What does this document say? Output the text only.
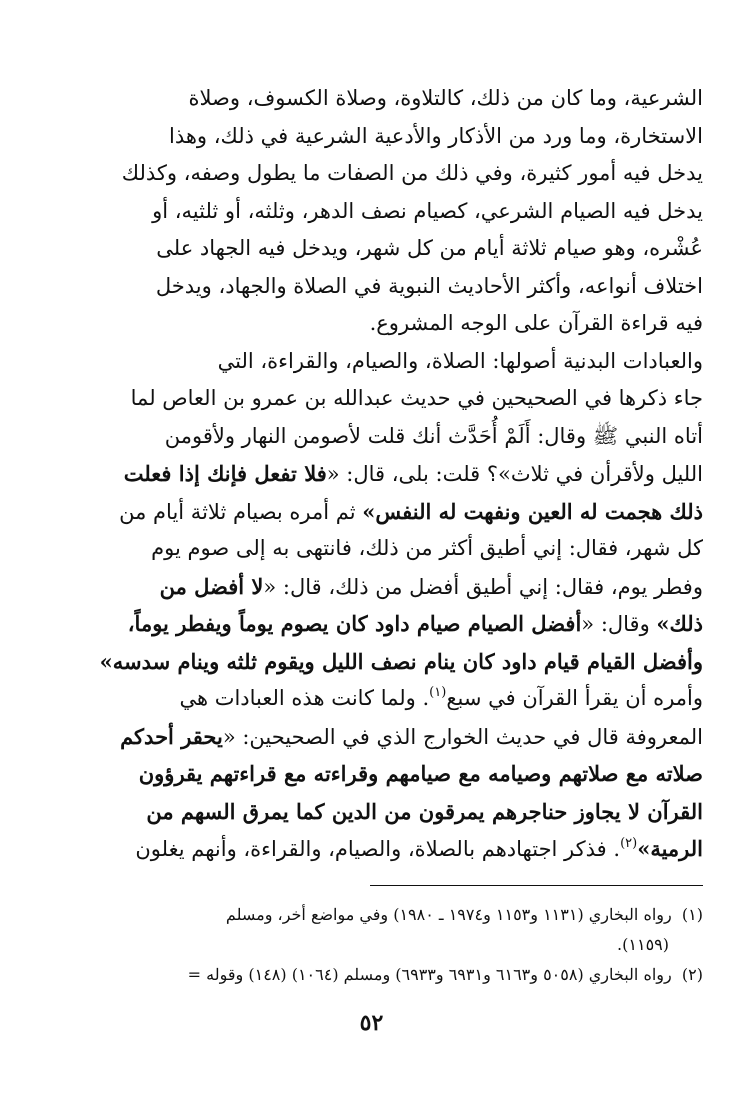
الشرعية، وما كان من ذلك، كالتلاوة، وصلاة الكسوف، وصلاة
الاستخارة، وما ورد من الأذكار والأدعية الشرعية في ذلك، وهذا
يدخل فيه أمور كثيرة، وفي ذلك من الصفات ما يطول وصفه، وكذلك
يدخل فيه الصيام الشرعي، كصيام نصف الدهر، وثلثه، أو ثلثيه، أو
عُشْره، وهو صيام ثلاثة أيام من كل شهر، ويدخل فيه الجهاد على
اختلاف أنواعه، وأكثر الأحاديث النبوية في الصلاة والجهاد، ويدخل
فيه قراءة القرآن على الوجه المشروع.
والعبادات البدنية أصولها: الصلاة، والصيام، والقراءة، التي
جاء ذكرها في الصحيحين في حديث عبدالله بن عمرو بن العاص لما
أتاه النبي ﷺ وقال: أَلَمْ أُحَدَّث أنك قلت لأصومن النهار ولأقومن
الليل ولأقرأن في ثلاث»؟ قلت: بلى، قال: «فلا تفعل فإنك إذا فعلت
ذلك هجمت له العين ونفهت له النفس» ثم أمره بصيام ثلاثة أيام من
كل شهر، فقال: إني أطيق أكثر من ذلك، فانتهى به إلى صوم يوم
وفطر يوم، فقال: إني أطيق أفضل من ذلك، قال: «لا أفضل من
ذلك» وقال: «أفضل الصيام صيام داود كان يصوم يوماً ويفطر يوماً،
وأفضل القيام قيام داود كان ينام نصف الليل ويقوم ثلثه وينام سدسه»
وأمره أن يقرأ القرآن في سبع$^{(١)}$. ولما كانت هذه العبادات هي
المعروفة قال في حديث الخوارج الذي في الصحيحين: «يحقر أحدكم
صلاته مع صلاتهم وصيامه مع صيامهم وقراءته مع قراءتهم يقرؤون
القرآن لا يجاوز حناجرهم يمرقون من الدين كما يمرق السهم من
الرمية»$^{(٢)}$. فذكر اجتهادهم بالصلاة، والصيام، والقراءة، وأنهم يغلون
(١)  رواه البخاري (١١٣١ و١١٥٣ و١٩٧٤ ـ ١٩٨٠) وفي مواضع أخر، ومسلم
(١١٥٩).
(٢)  رواه البخاري (٥٠٥٨ و٦١٦٣ و٦٩٣١ و٦٩٣٣) ومسلم (١٠٦٤) (١٤٨) وقوله =
٥٢
